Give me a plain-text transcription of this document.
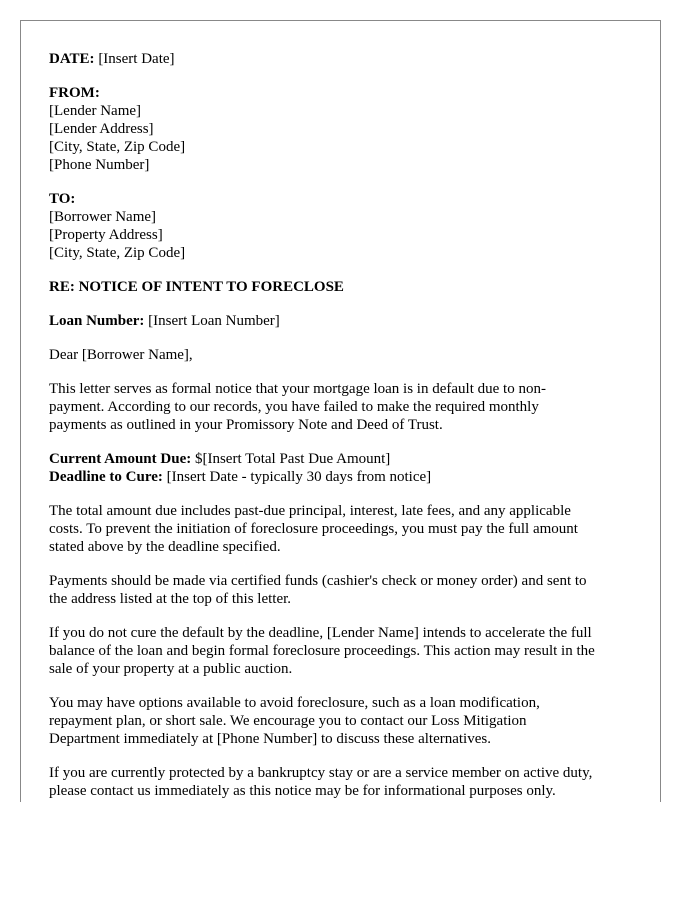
DATE: [Insert Date]
FROM:
[Lender Name]
[Lender Address]
[City, State, Zip Code]
[Phone Number]
TO:
[Borrower Name]
[Property Address]
[City, State, Zip Code]
RE: NOTICE OF INTENT TO FORECLOSE
Loan Number: [Insert Loan Number]
Dear [Borrower Name],
This letter serves as formal notice that your mortgage loan is in default due to non-
payment. According to our records, you have failed to make the required monthly
payments as outlined in your Promissory Note and Deed of Trust.
Current Amount Due: $[Insert Total Past Due Amount]
Deadline to Cure: [Insert Date - typically 30 days from notice]
The total amount due includes past-due principal, interest, late fees, and any applicable
costs. To prevent the initiation of foreclosure proceedings, you must pay the full amount
stated above by the deadline specified.
Payments should be made via certified funds (cashier's check or money order) and sent to
the address listed at the top of this letter.
If you do not cure the default by the deadline, [Lender Name] intends to accelerate the full
balance of the loan and begin formal foreclosure proceedings. This action may result in the
sale of your property at a public auction.
You may have options available to avoid foreclosure, such as a loan modification,
repayment plan, or short sale. We encourage you to contact our Loss Mitigation
Department immediately at [Phone Number] to discuss these alternatives.
If you are currently protected by a bankruptcy stay or are a service member on active duty,
please contact us immediately as this notice may be for informational purposes only.
